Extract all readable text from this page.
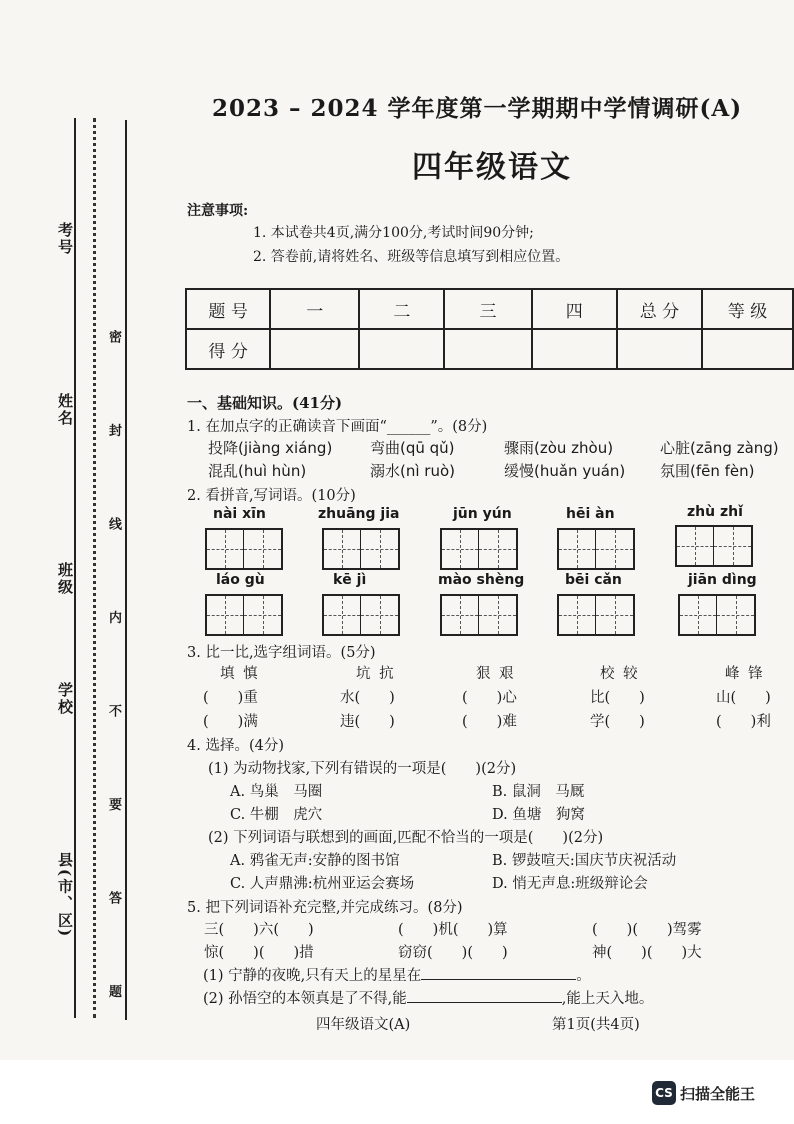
考号
姓名
班级
学校
县(市、区) 密 封 线 内 不 要 答 题
2023 – 2024 学年度第一学期期中学情调研(A)
四年级语文
注意事项:
1. 本试卷共4页,满分100分,考试时间90分钟;
2. 答卷前,请将姓名、班级等信息填写到相应位置。
题 号	一	二	三	四	总 分	等 级
得 分						
一、基础知识。(41分)
1. 在加点字的正确读音下画面“______”。(8分)
投降(jiàng xiáng)	弯曲(qū qǔ)	骤雨(zòu zhòu)	心脏(zāng zàng)
混乱(huì hùn)	溺水(nì ruò)	缓慢(huǎn yuán) 氛围(fēn fèn)
2. 看拼音,写词语。(10分)
nài xīn	zhuāng jia	jūn yún	hēi àn	zhù zhǐ
láo gù	kē jì	mào shèng	bēi cǎn	jiān dìng
3. 比一比,选字组词语。(5分)
填 慎	坑 抗	狠 艰	校 较	峰 锋
(　　)重	水(　　)	(　　)心	比(　　)	山(　　)
(　　)满	违(　　)	(　　)难	学(　　)	(　　)利
4. 选择。(4分)
(1) 为动物找家,下列有错误的一项是(　　)(2分)
A. 鸟巢　马圈	B. 鼠洞　马厩
C. 牛棚　虎穴	D. 鱼塘　狗窝
(2) 下列词语与联想到的画面,匹配不恰当的一项是(　　)(2分)
A. 鸦雀无声:安静的图书馆	B. 锣鼓喧天:国庆节庆祝活动
C. 人声鼎沸:杭州亚运会赛场	D. 悄无声息:班级辩论会
5. 把下列词语补充完整,并完成练习。(8分)
三(　　)六(　　)	(　　)机(　　)算	(　　)(　　)驾雾
惊(　　)(　　)措	窃窃(　　)(　　)	神(　　)(　　)大
(1) 宁静的夜晚,只有天上的星星在	。
(2) 孙悟空的本领真是了不得,能	,能上天入地。
四年级语文(A)	第1页(共4页)
CS 扫描全能王
